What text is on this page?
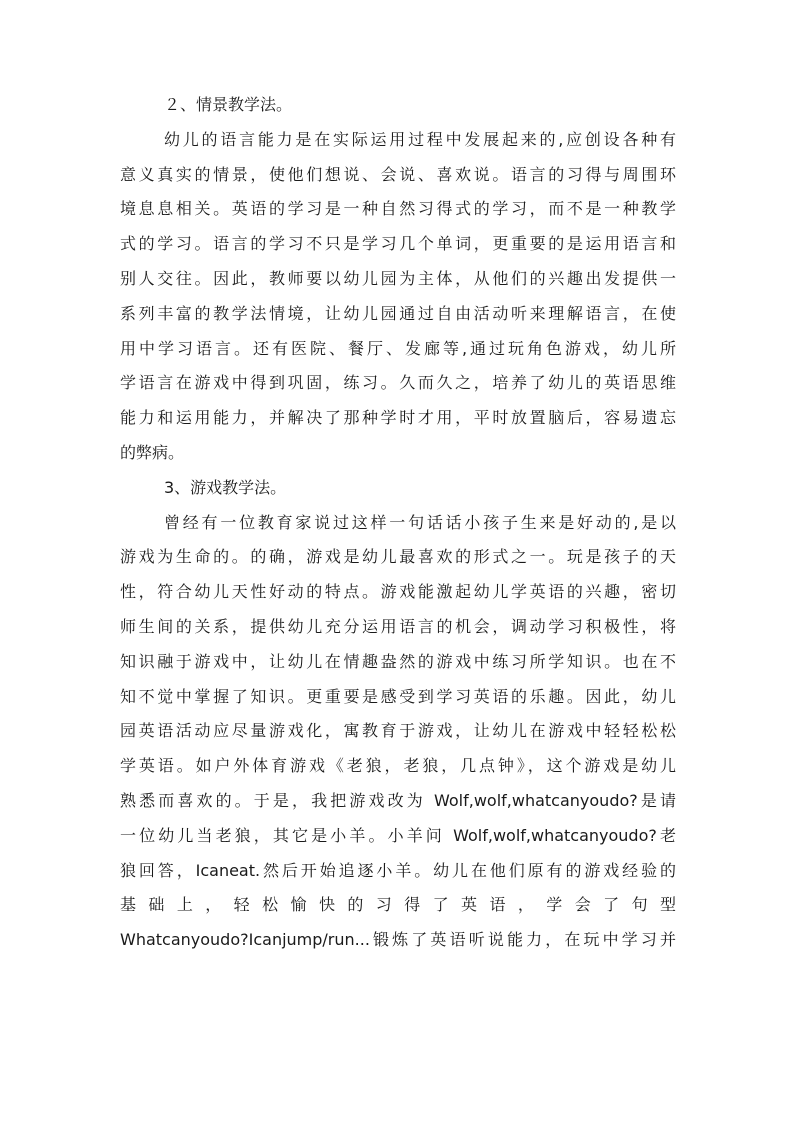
２、情景教学法。
幼儿的语言能力是在实际运用过程中发展起来的,应创设各种有
意义真实的情景，使他们想说、会说、喜欢说。语言的习得与周围环
境息息相关。英语的学习是一种自然习得式的学习，而不是一种教学
式的学习。语言的学习不只是学习几个单词，更重要的是运用语言和
别人交往。因此，教师要以幼儿园为主体，从他们的兴趣出发提供一
系列丰富的教学法情境，让幼儿园通过自由活动听来理解语言，在使
用中学习语言。还有医院、餐厅、发廊等,通过玩角色游戏，幼儿所
学语言在游戏中得到巩固，练习。久而久之，培养了幼儿的英语思维
能力和运用能力，并解决了那种学时才用，平时放置脑后，容易遗忘
的弊病。
3、游戏教学法。
曾经有一位教育家说过这样一句话话小孩子生来是好动的,是以
游戏为生命的。的确，游戏是幼儿最喜欢的形式之一。玩是孩子的天
性，符合幼儿天性好动的特点。游戏能激起幼儿学英语的兴趣，密切
师生间的关系，提供幼儿充分运用语言的机会，调动学习积极性，将
知识融于游戏中，让幼儿在情趣盎然的游戏中练习所学知识。也在不
知不觉中掌握了知识。更重要是感受到学习英语的乐趣。因此，幼儿
园英语活动应尽量游戏化，寓教育于游戏，让幼儿在游戏中轻轻松松
学英语。如户外体育游戏《老狼，老狼，几点钟》，这个游戏是幼儿
熟悉而喜欢的。于是，我把游戏改为 Wolf,wolf,whatcanyoudo?是请
一位幼儿当老狼，其它是小羊。小羊问 Wolf,wolf,whatcanyoudo?老
狼回答，Icaneat.然后开始追逐小羊。幼儿在他们原有的游戏经验的
基础上，轻松愉快的习得了英语，学会了句型
Whatcanyoudo?Icanjump/run...锻炼了英语听说能力，在玩中学习并
